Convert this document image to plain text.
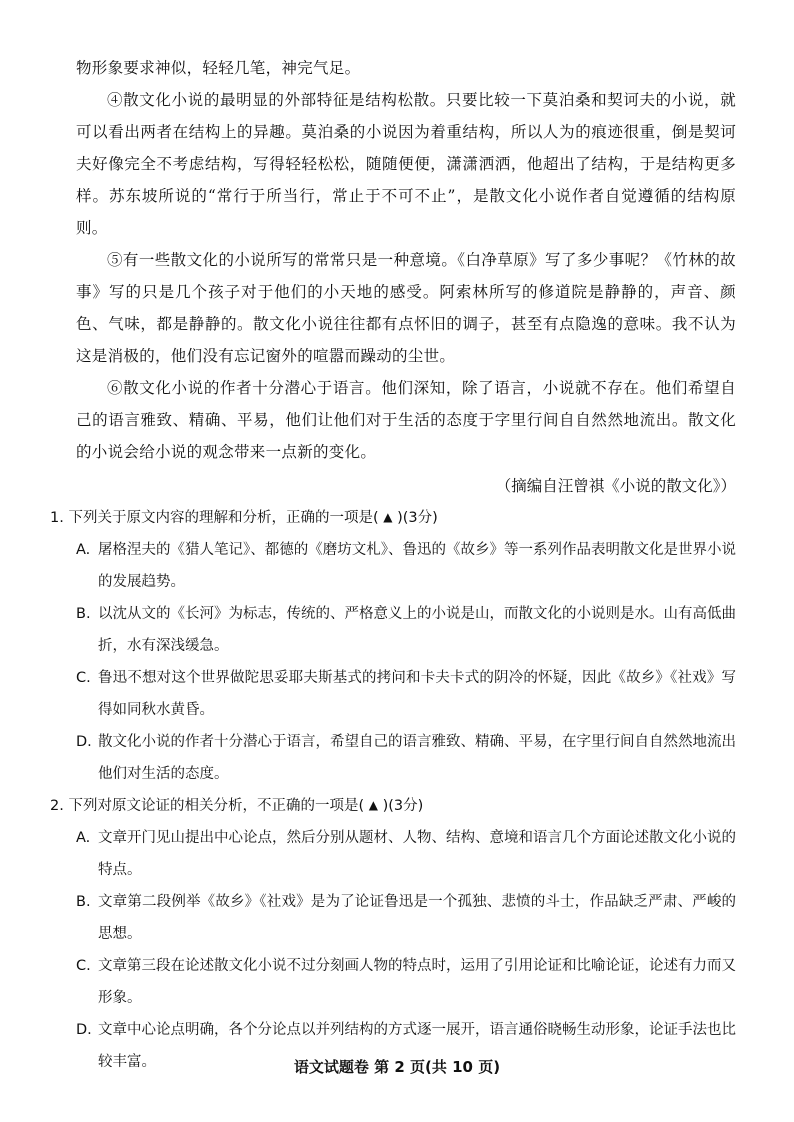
物形象要求神似，轻轻几笔，神完气足。

④散文化小说的最明显的外部特征是结构松散。只要比较一下莫泊桑和契诃夫的小说，就可以看出两者在结构上的异趣。莫泊桑的小说因为着重结构，所以人为的痕迹很重，倒是契诃夫好像完全不考虑结构，写得轻轻松松，随随便便，潇潇洒洒，他超出了结构，于是结构更多样。苏东坡所说的“常行于所当行，常止于不可不止”，是散文化小说作者自觉遵循的结构原则。

⑤有一些散文化的小说所写的常常只是一种意境。《白净草原》写了多少事呢？《竹林的故事》写的只是几个孩子对于他们的小天地的感受。阿索林所写的修道院是静静的，声音、颜色、气味，都是静静的。散文化小说往往都有点怀旧的调子，甚至有点隐逸的意味。我不认为这是消极的，他们没有忘记窗外的喧嚣而躁动的尘世。

⑥散文化小说的作者十分潜心于语言。他们深知，除了语言，小说就不存在。他们希望自己的语言雅致、精确、平易，他们让他们对于生活的态度于字里行间自自然然地流出。散文化的小说会给小说的观念带来一点新的变化。

（摘编自汪曾祺《小说的散文化》）

1. 下列关于原文内容的理解和分析，正确的一项是( ▲ )(3分)

A. 屠格涅夫的《猎人笔记》、都德的《磨坊文札》、鲁迅的《故乡》等一系列作品表明散文化是世界小说的发展趋势。
B. 以沈从文的《长河》为标志，传统的、严格意义上的小说是山，而散文化的小说则是水。山有高低曲折，水有深浅缓急。
C. 鲁迅不想对这个世界做陀思妥耶夫斯基式的拷问和卡夫卡式的阴冷的怀疑，因此《故乡》《社戏》写得如同秋水黄昏。
D. 散文化小说的作者十分潜心于语言，希望自己的语言雅致、精确、平易，在字里行间自自然然地流出他们对生活的态度。

2. 下列对原文论证的相关分析，不正确的一项是( ▲ )(3分)

A. 文章开门见山提出中心论点，然后分别从题材、人物、结构、意境和语言几个方面论述散文化小说的特点。
B. 文章第二段例举《故乡》《社戏》是为了论证鲁迅是一个孤独、悲愤的斗士，作品缺乏严肃、严峻的思想。
C. 文章第三段在论述散文化小说不过分刻画人物的特点时，运用了引用论证和比喻论证，论述有力而又形象。
D. 文章中心论点明确，各个分论点以并列结构的方式逐一展开，语言通俗晓畅生动形象，论证手法也比较丰富。	语文试题卷 第 2 页(共 10 页)
